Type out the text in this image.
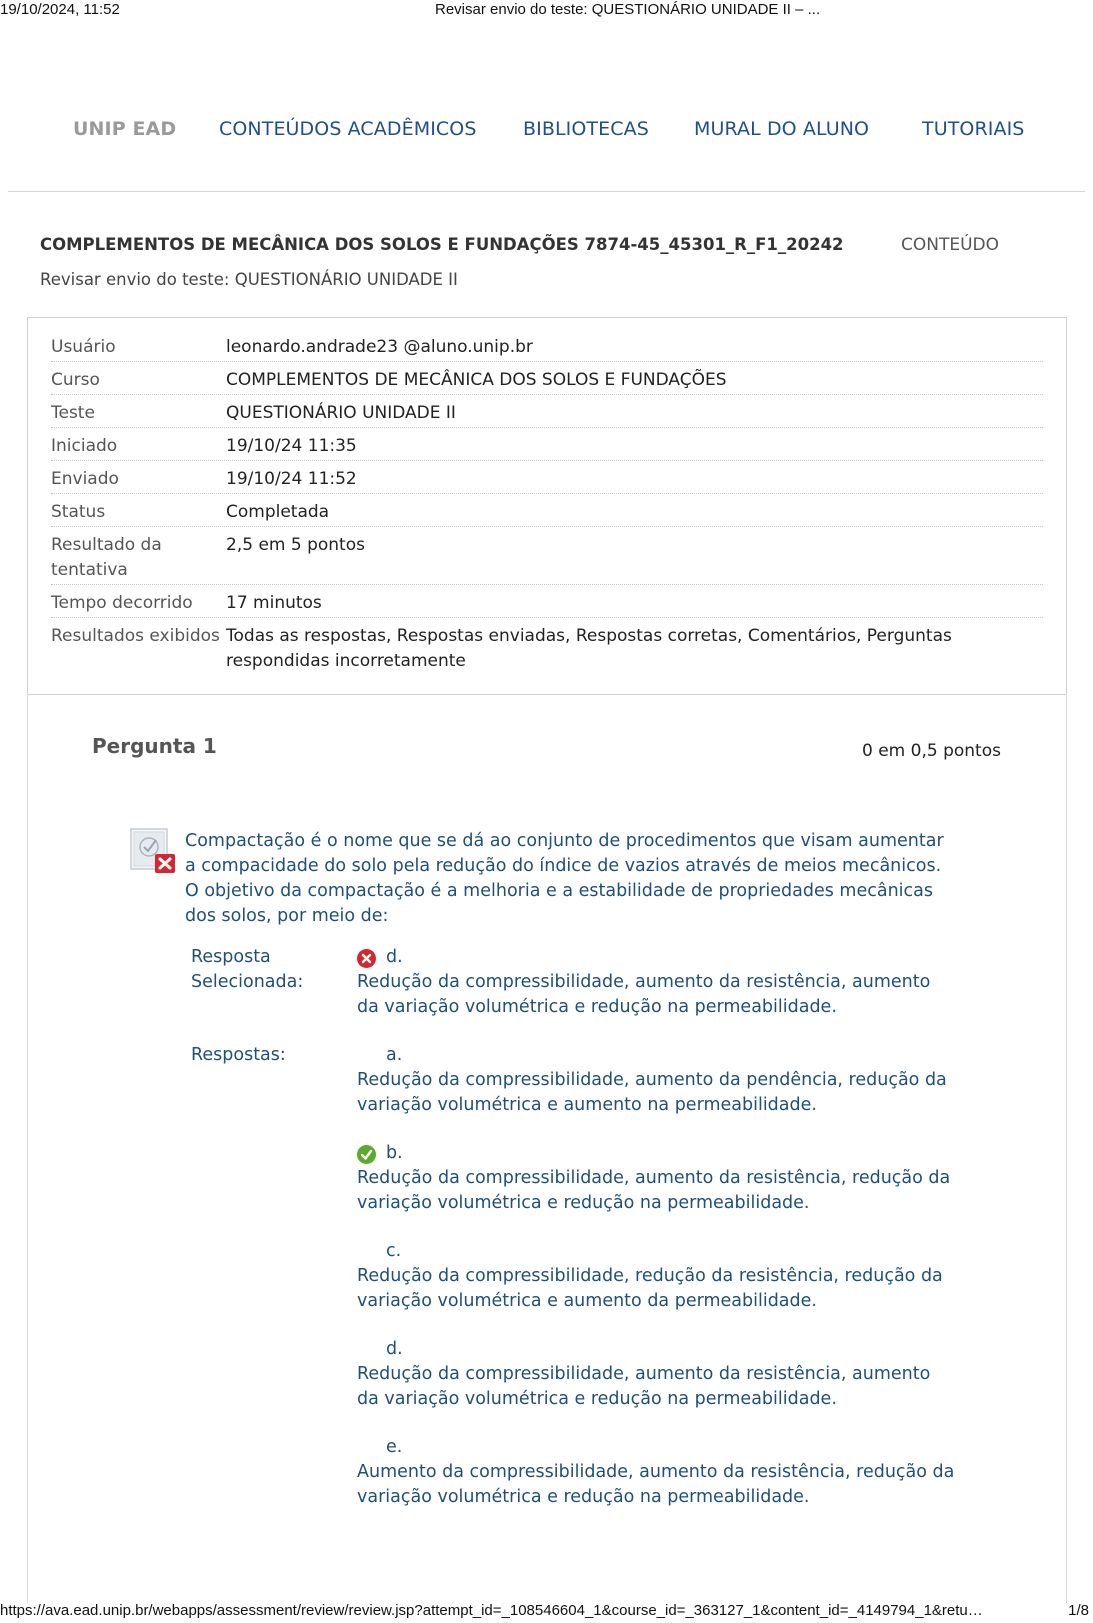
19/10/2024, 11:52	Revisar envio do teste: QUESTIONÁRIO UNIDADE II – ...
UNIP EAD CONTEÚDOS ACADÊMICOS BIBLIOTECAS MURAL DO ALUNO	TUTORIAIS
COMPLEMENTOS DE MECÂNICA DOS SOLOS E FUNDAÇÕES 7874-45_45301_R_F1_20242	CONTEÚDO
Revisar envio do teste: QUESTIONÁRIO UNIDADE II
Usuário	leonardo.andrade23 @aluno.unip.br
Curso	COMPLEMENTOS DE MECÂNICA DOS SOLOS E FUNDAÇÕES
Teste	QUESTIONÁRIO UNIDADE II
Iniciado	19/10/24 11:35
Enviado	19/10/24 11:52
Status	Completada
Resultado da tentativa
2,5 em 5 pontos
Tempo decorrido	17 minutos
Resultados exibidos Todas as respostas, Respostas enviadas, Respostas corretas, Comentários, Perguntas respondidas incorretamente
Pergunta 1	0 em 0,5 pontos
Compactação é o nome que se dá ao conjunto de procedimentos que visam aumentar a compacidade do solo pela redução do índice de vazios através de meios mecânicos.
O objetivo da compactação é a melhoria e a estabilidade de propriedades mecânicas dos solos, por meio de:
Resposta Selecionada:
d.
Redução da compressibilidade, aumento da resistência, aumento da variação volumétrica e redução na permeabilidade.
Respostas:	a.
Redução da compressibilidade, aumento da pendência, redução da variação volumétrica e aumento na permeabilidade.
b.
Redução da compressibilidade, aumento da resistência, redução da variação volumétrica e redução na permeabilidade.
c.
Redução da compressibilidade, redução da resistência, redução da variação volumétrica e aumento da permeabilidade.
d.
Redução da compressibilidade, aumento da resistência, aumento da variação volumétrica e redução na permeabilidade.
e.
Aumento da compressibilidade, aumento da resistência, redução da variação volumétrica e redução na permeabilidade.
https://ava.ead.unip.br/webapps/assessment/review/review.jsp?attempt_id=_108546604_1&course_id=_363127_1&content_id=_4149794_1&retu…	1/8
